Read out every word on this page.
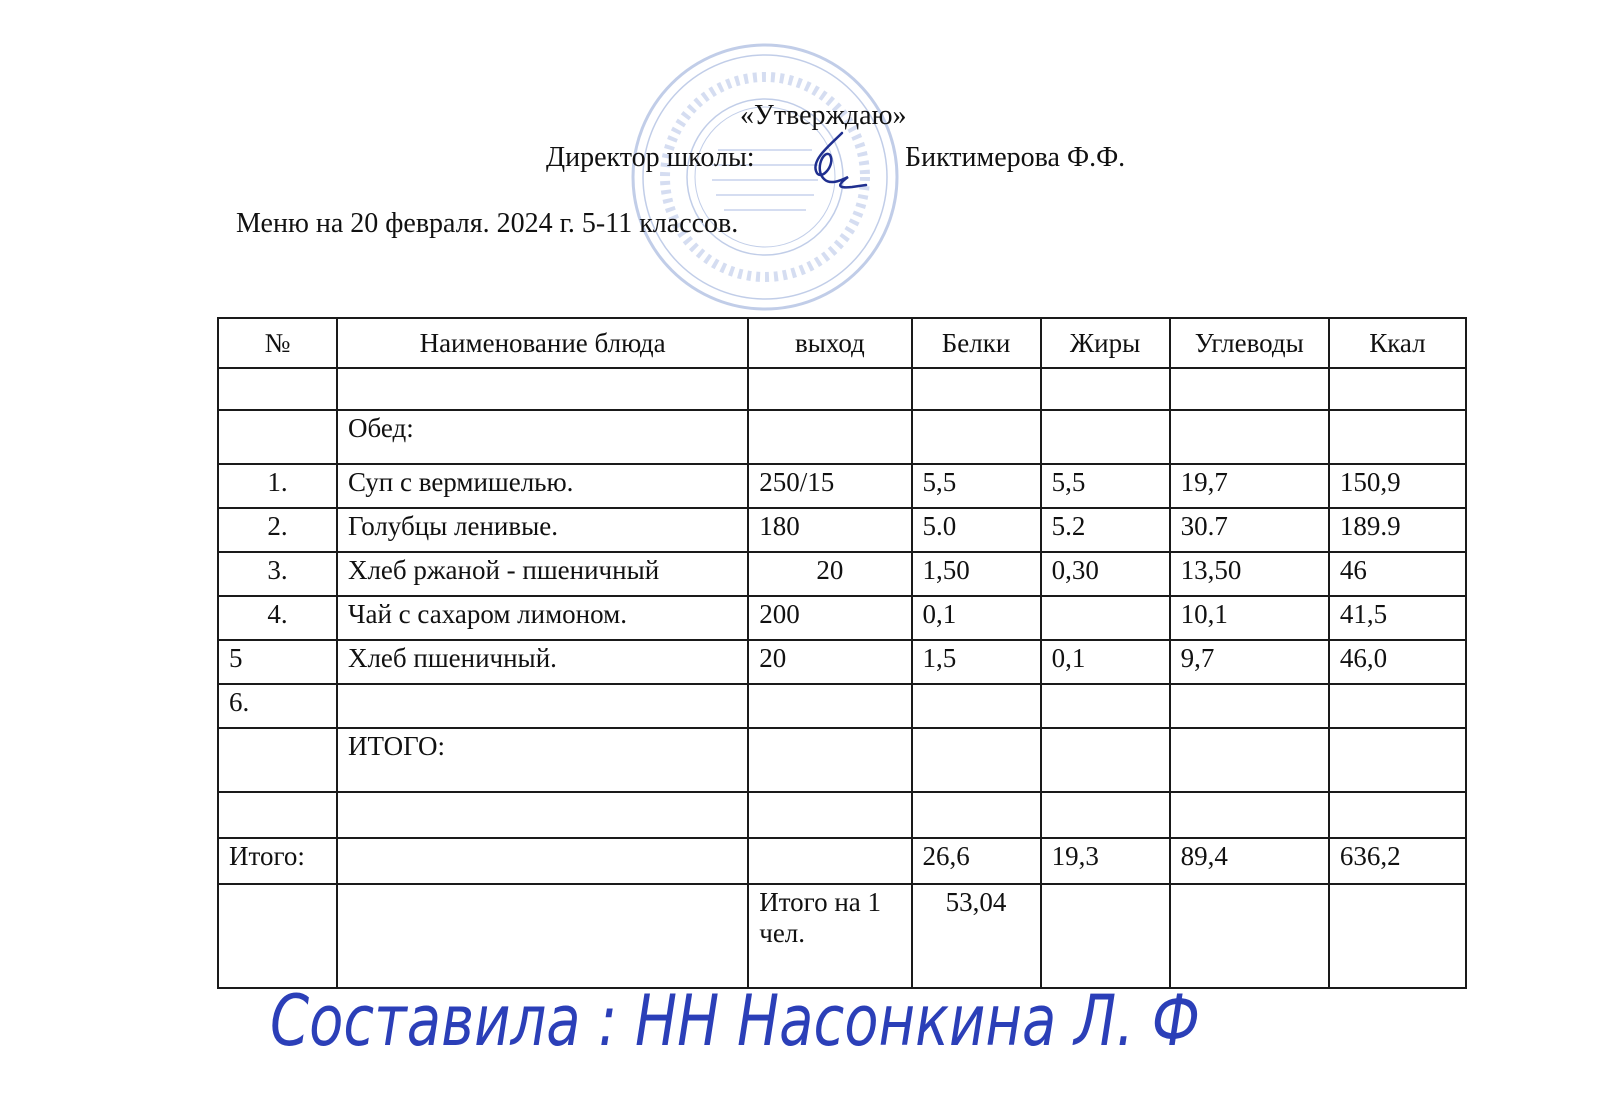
«Утверждаю»
Директор школы:	Биктимерова Ф.Ф.
Меню на 20 февраля. 2024 г. 5-11 классов.
№	Наименование блюда	выход	Белки	Жиры	Углеводы	Ккал

	Обед:					
1.	Суп с вермишелью.	250/15	5,5	5,5	19,7	150,9
2.	Голубцы ленивые.	180	5.0	5.2	30.7	189.9
3.	Хлеб ржаной - пшеничный	20	1,50	0,30	13,50	46
4.	Чай с сахаром лимоном.	200	0,1		10,1	41,5
5	Хлеб пшеничный.	20	1,5	0,1	9,7	46,0
6.						
	ИТОГО:					

Итого:			26,6	19,3	89,4	636,2
		Итого на 1 чел.	53,04			
Составила : НН Насонкина Л. Ф
